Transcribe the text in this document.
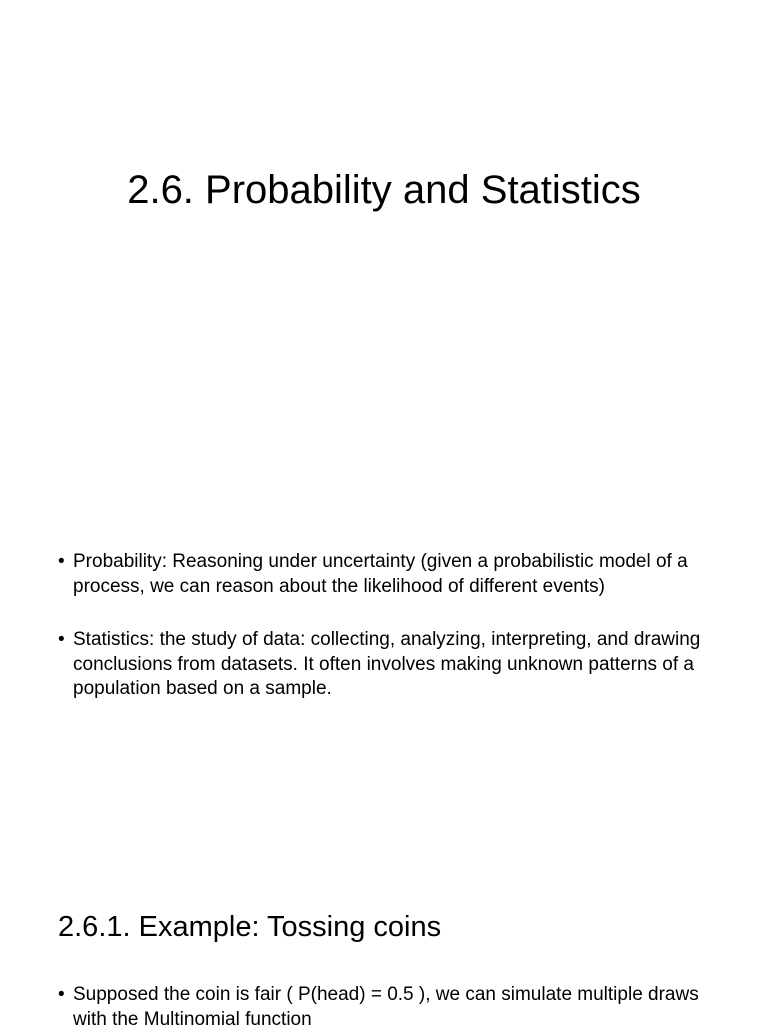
2.6. Probability and Statistics
• Probability: Reasoning under uncertainty (given a probabilistic model of a process, we can reason about the likelihood of different events)
• Statistics: the study of data: collecting, analyzing, interpreting, and drawing conclusions from datasets. It often involves making unknown patterns of a population based on a sample.
2.6.1. Example: Tossing coins
• Supposed the coin is fair ( P(head) = 0.5 ), we can simulate multiple draws with the Multinomial function
